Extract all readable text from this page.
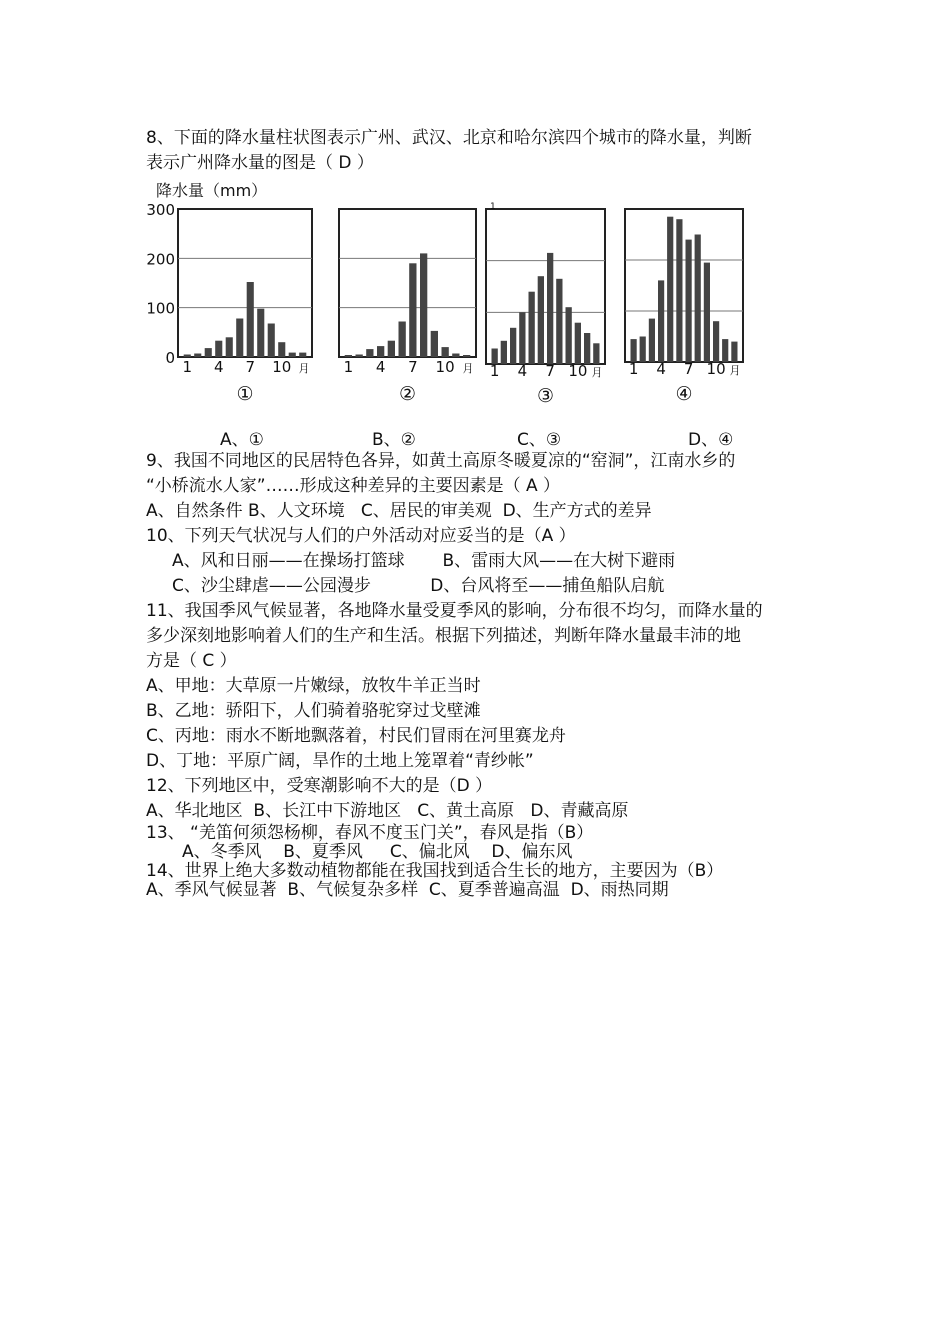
8、下面的降水量柱状图表示广州、武汉、北京和哈尔滨四个城市的降水量，判断
表示广州降水量的图是（ D ）
1 4 7 10 月
①
降水量（mm）
300
200
100
0	1 4 7 10 月
②
1 4 7 10 月
③
1 4 7 10 月
④
1
A、①	B、②	C、③	D、④
9、我国不同地区的民居特色各异，如黄土高原冬暖夏凉的“窑洞”，江南水乡的
“小桥流水人家”……形成这种差异的主要因素是（ A ）
A、自然条件 B、人文环境   C、居民的审美观  D、生产方式的差异
10、下列天气状况与人们的户外活动对应妥当的是（A ）
A、风和日丽——在操场打篮球       B、雷雨大风——在大树下避雨
C、沙尘肆虐——公园漫步           D、台风将至——捕鱼船队启航
11、我国季风气候显著，各地降水量受夏季风的影响，分布很不均匀，而降水量的
多少深刻地影响着人们的生产和生活。根据下列描述，判断年降水量最丰沛的地
方是（ C ）
A、甲地：大草原一片嫩绿，放牧牛羊正当时
B、乙地：骄阳下，人们骑着骆驼穿过戈壁滩
C、丙地：雨水不断地飘落着，村民们冒雨在河里赛龙舟
D、丁地：平原广阔，旱作的土地上笼罩着“青纱帐”
12、下列地区中，受寒潮影响不大的是（D ）
A、华北地区  B、长江中下游地区   C、黄土高原   D、青藏高原
13、 “羌笛何须怨杨柳，春风不度玉门关”，春风是指（B）
A、冬季风    B、夏季风     C、偏北风    D、偏东风
14、世界上绝大多数动植物都能在我国找到适合生长的地方，主要因为（B）
A、季风气候显著  B、气候复杂多样  C、夏季普遍高温  D、雨热同期
